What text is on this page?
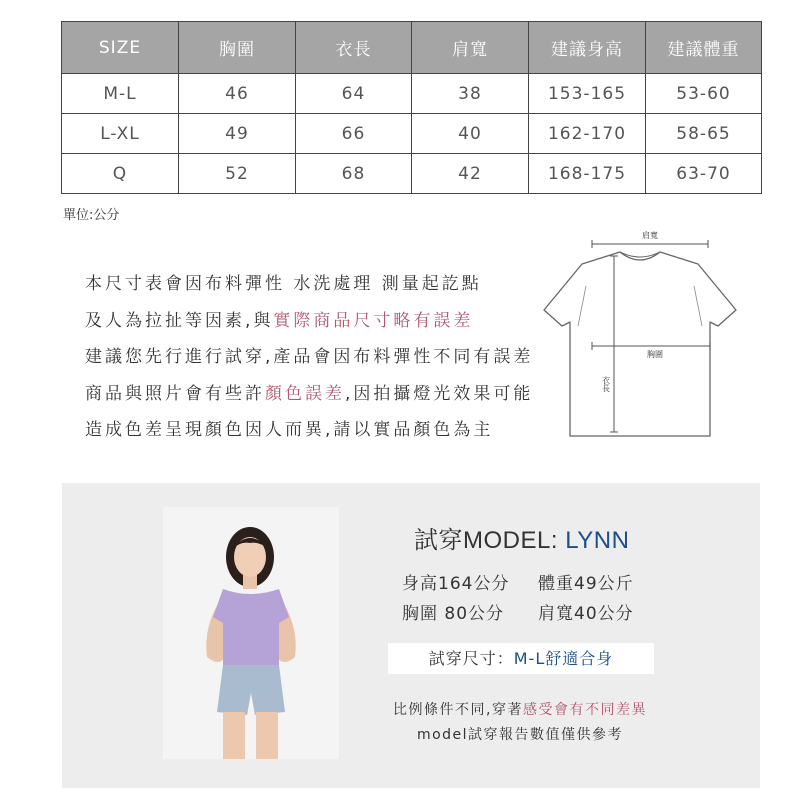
SIZE	胸圍	衣長	肩寬	建議身高	建議體重
M-L	46	64	38	153-165	53-60
L-XL	49	66	40	162-170	58-65
Q	52	68	42	168-175	63-70
單位:公分
本尺寸表會因布料彈性 水洗處理 測量起訖點
及人為拉扯等因素,與實際商品尺寸略有誤差
建議您先行進行試穿,產品會因布料彈性不同有誤差
商品與照片會有些許顏色誤差,因拍攝燈光效果可能
造成色差呈現顏色因人而異,請以實品顏色為主
肩寬
胸圍
衣長
試穿MODEL: LYNN
身高164公分 體重49公斤
胸圍 80公分 肩寬40公分
試穿尺寸：M-L舒適合身
比例條件不同,穿著感受會有不同差異
model試穿報告數值僅供參考
